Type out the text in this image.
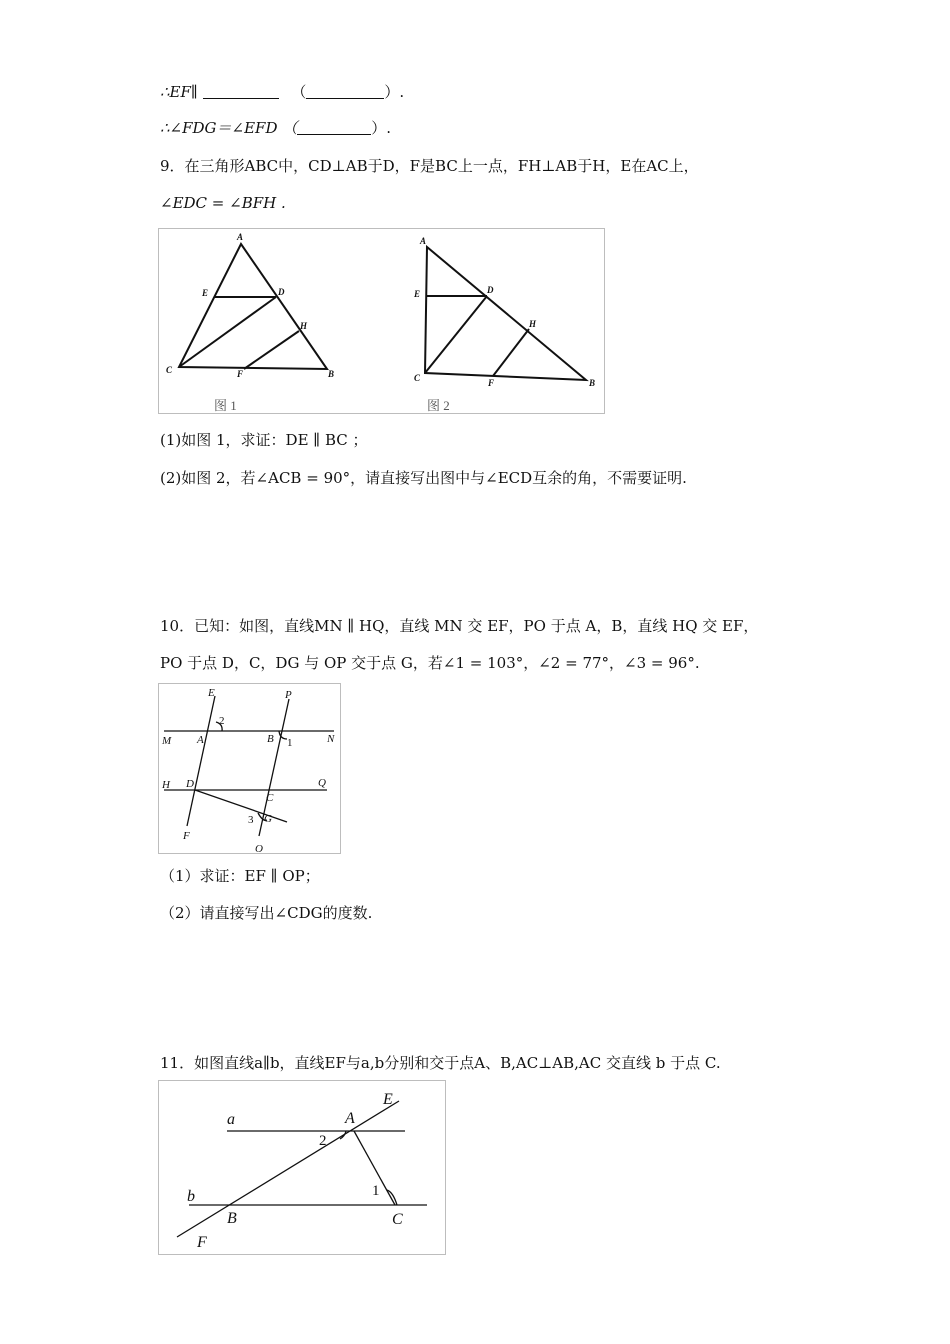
∴EF∥	（	）.
∴∠FDG＝∠EFD （	）.
9．在三角形ABC中，CD⊥AB于D，F是BC上一点，FH⊥AB于H，E在AC上，
∠EDC = ∠BFH .
A
E	D
H
C	F	B
A
E	D
H
C	F	B
图 1	图 2
(1)如图 1，求证：DE ∥ BC ；
(2)如图 2，若∠ACB = 90°，请直接写出图中与∠ECD互余的角，不需要证明.
10．已知：如图，直线MN ∥ HQ，直线 MN 交 EF，PO 于点 A，B，直线 HQ 交 EF，
PO 于点 D，C，DG 与 OP 交于点 G，若∠1 = 103°，∠2 = 77°，∠3 = 96°.
E	P
M A	B	N
H D
C
Q
F
G
O
1
2
3
（1）求证：EF ∥ OP；
（2）请直接写出∠CDG的度数.
11．如图直线a∥b，直线EF与a,b分别和交于点A、B,AC⊥AB,AC 交直线 b 于点 C.
a	A
E
b
B	C
F
2
1
